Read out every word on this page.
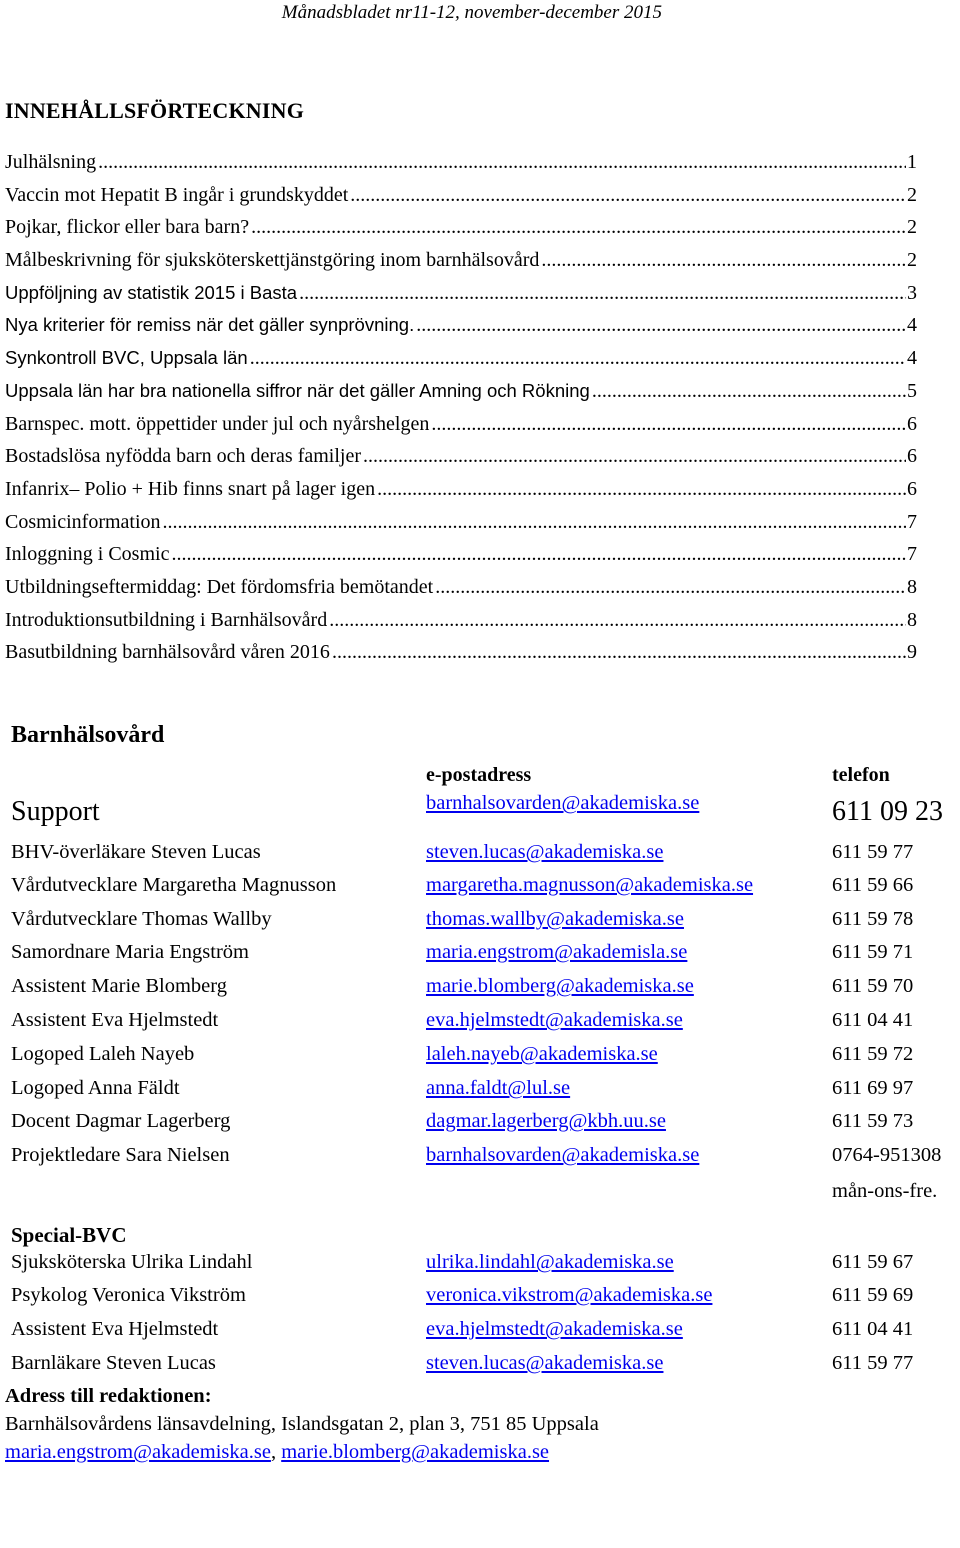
Månadsbladet nr11-12, november-december 2015
INNEHÅLLSFÖRTECKNING
Julhälsning .....	1
Vaccin mot Hepatit B ingår i grundskyddet .....	2
Pojkar, flickor eller bara barn? .....	2
Målbeskrivning för sjuksköterskettjänstgöring inom barnhälsovård .....	2
Uppföljning av statistik 2015 i Basta .....	3
Nya kriterier för remiss när det gäller synprövning. .....	4
Synkontroll BVC, Uppsala län .....	4
Uppsala län har bra nationella siffror när det gäller Amning och Rökning .....	5
Barnspec. mott. öppettider under jul och nyårshelgen .....	6
Bostadslösa nyfödda barn och deras familjer .....	6
Infanrix– Polio + Hib finns snart på lager igen .....	6
Cosmicinformation .....	7
Inloggning i Cosmic .....	7
Utbildningseftermiddag: Det fördomsfria bemötandet .....	8
Introduktionsutbildning i Barnhälsovård .....	8
Basutbildning barnhälsovård våren 2016 .....	9
Barnhälsovård
e-postadress	telefon
Support	barnhalsovarden@akademiska.se	611 09 23
BHV-överläkare Steven Lucas	steven.lucas@akademiska.se	611 59 77
Vårdutvecklare Margaretha Magnusson	margaretha.magnusson@akademiska.se	611 59 66
Vårdutvecklare Thomas Wallby	thomas.wallby@akademiska.se	611 59 78
Samordnare Maria Engström	maria.engstrom@akademisla.se	611 59 71
Assistent Marie Blomberg	marie.blomberg@akademiska.se	611 59 70
Assistent Eva Hjelmstedt	eva.hjelmstedt@akademiska.se	611 04 41
Logoped Laleh Nayeb	laleh.nayeb@akademiska.se	611 59 72
Logoped Anna Fäldt	anna.faldt@lul.se	611 69 97
Docent Dagmar Lagerberg	dagmar.lagerberg@kbh.uu.se	611 59 73
Projektledare Sara Nielsen	barnhalsovarden@akademiska.se	0764-951308
mån-ons-fre.
Special-BVC
Sjuksköterska Ulrika Lindahl	ulrika.lindahl@akademiska.se	611 59 67
Psykolog Veronica Vikström	veronica.vikstrom@akademiska.se	611 59 69
Assistent Eva Hjelmstedt	eva.hjelmstedt@akademiska.se	611 04 41
Barnläkare Steven Lucas	steven.lucas@akademiska.se	611 59 77
Adress till redaktionen:
Barnhälsovårdens länsavdelning, Islandsgatan 2, plan 3, 751 85 Uppsala
maria.engstrom@akademiska.se, marie.blomberg@akademiska.se
